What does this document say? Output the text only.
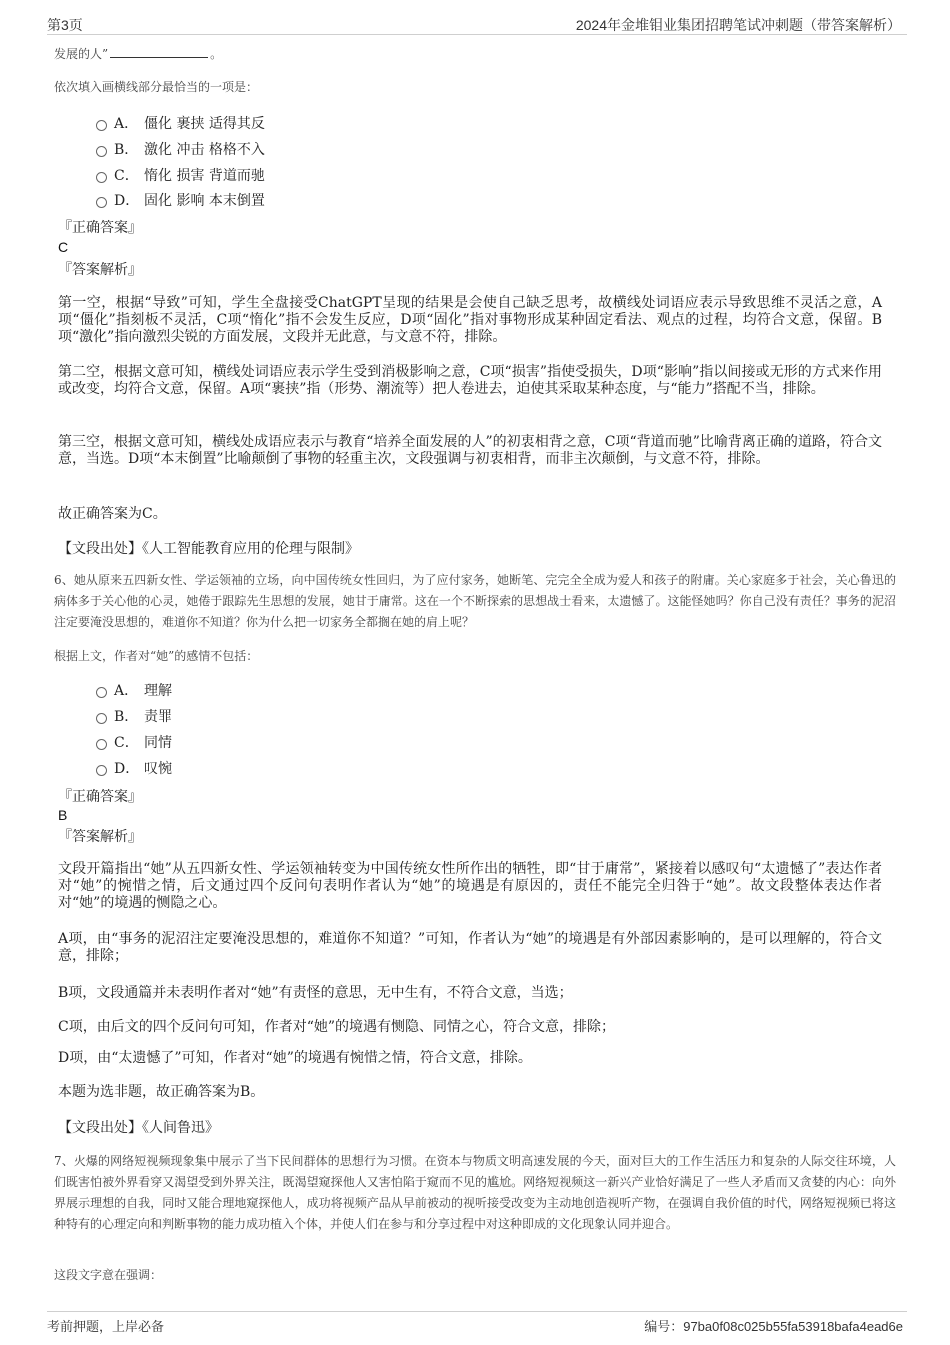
第3页	2024年金堆钼业集团招聘笔试冲刺题（带答案解析）
发展的人”	。
依次填入画横线部分最恰当的一项是：
A． 僵化 裹挟 适得其反
B． 激化 冲击 格格不入
C． 惰化 损害 背道而驰
D． 固化 影响 本末倒置
『正确答案』
C
『答案解析』
第一空，根据“导致”可知，学生全盘接受ChatGPT呈现的结果是会使自己缺乏思考，故横线处词语应表示导致思维不灵活之意，A项“僵化”指刻板不灵活，C项“惰化”指不会发生反应，D项“固化”指对事物形成某种固定看法、观点的过程，均符合文意，保留。B项“激化”指向激烈尖锐的方面发展，文段并无此意，与文意不符，排除。
第二空，根据文意可知，横线处词语应表示学生受到消极影响之意，C项“损害”指使受损失，D项“影响”指以间接或无形的方式来作用或改变，均符合文意，保留。A项“裹挟”指（形势、潮流等）把人卷进去，迫使其采取某种态度，与“能力”搭配不当，排除。
第三空，根据文意可知，横线处成语应表示与教育“培养全面发展的人”的初衷相背之意，C项“背道而驰”比喻背离正确的道路，符合文意，当选。D项“本末倒置”比喻颠倒了事物的轻重主次，文段强调与初衷相背，而非主次颠倒，与文意不符，排除。
故正确答案为C。
【文段出处】《人工智能教育应用的伦理与限制》
6、她从原来五四新女性、学运领袖的立场，向中国传统女性回归，为了应付家务，她断笔、完完全全成为爱人和孩子的附庸。关心家庭多于社会，关心鲁迅的病体多于关心他的心灵，她倦于跟踪先生思想的发展，她甘于庸常。这在一个不断探索的思想战士看来，太遗憾了。这能怪她吗？你自己没有责任？事务的泥沼注定要淹没思想的，难道你不知道？你为什么把一切家务全都搁在她的肩上呢？
根据上文，作者对“她”的感情不包括：
A． 理解
B． 责罪
C． 同情
D． 叹惋
『正确答案』
B
『答案解析』
文段开篇指出“她”从五四新女性、学运领袖转变为中国传统女性所作出的牺牲，即“甘于庸常”，紧接着以感叹句“太遗憾了”表达作者对“她”的惋惜之情，后文通过四个反问句表明作者认为“她”的境遇是有原因的，责任不能完全归咎于“她”。故文段整体表达作者对“她”的境遇的恻隐之心。
A项，由“事务的泥沼注定要淹没思想的，难道你不知道？”可知，作者认为“她”的境遇是有外部因素影响的，是可以理解的，符合文意，排除；
B项，文段通篇并未表明作者对“她”有责怪的意思，无中生有，不符合文意，当选；
C项，由后文的四个反问句可知，作者对“她”的境遇有恻隐、同情之心，符合文意，排除；
D项，由“太遗憾了”可知，作者对“她”的境遇有惋惜之情，符合文意，排除。
本题为选非题，故正确答案为B。
【文段出处】《人间鲁迅》
7、火爆的网络短视频现象集中展示了当下民间群体的思想行为习惯。在资本与物质文明高速发展的今天，面对巨大的工作生活压力和复杂的人际交往环境，人们既害怕被外界看穿又渴望受到外界关注，既渴望窥探他人又害怕陷于窥而不见的尴尬。网络短视频这一新兴产业恰好满足了一些人矛盾而又贪婪的内心：向外界展示理想的自我，同时又能合理地窥探他人，成功将视频产品从早前被动的视听接受改变为主动地创造视听产物，在强调自我价值的时代，网络短视频已将这种特有的心理定向和判断事物的能力成功植入个体，并使人们在参与和分享过程中对这种即成的文化现象认同并迎合。
这段文字意在强调：
考前押题，上岸必备	编号：97ba0f08c025b55fa53918bafa4ead6e
